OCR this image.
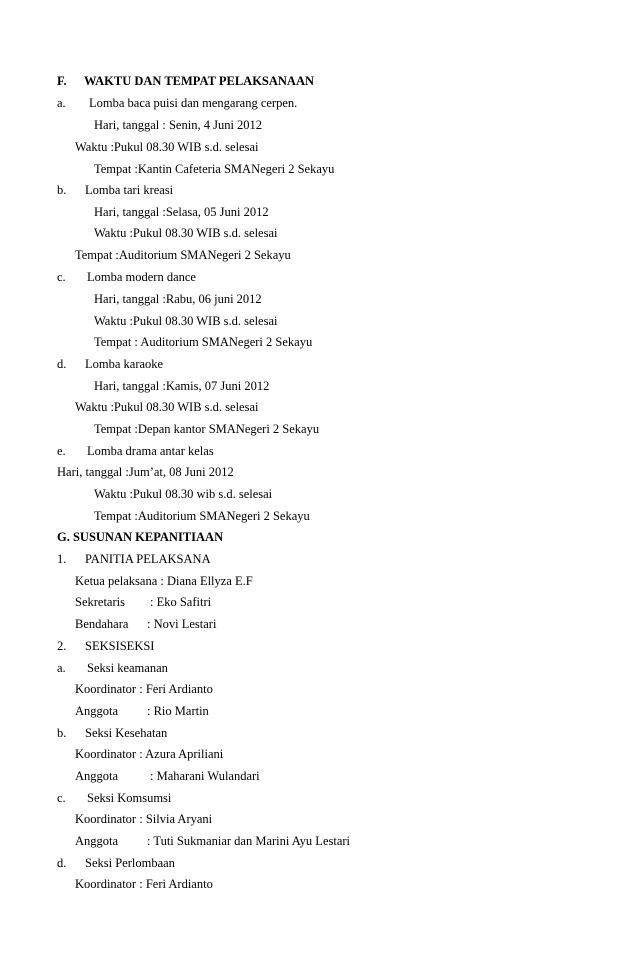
F. WAKTU DAN TEMPAT PELAKSANAAN
a. Lomba baca puisi dan mengarang cerpen.
Hari, tanggal : Senin, 4 Juni 2012
Waktu :Pukul 08.30 WIB s.d. selesai
Tempat :Kantin Cafeteria SMANegeri 2 Sekayu
b. Lomba tari kreasi
Hari, tanggal :Selasa, 05 Juni 2012
Waktu :Pukul 08.30 WIB s.d. selesai
Tempat :Auditorium SMANegeri 2 Sekayu
c. Lomba modern dance
Hari, tanggal :Rabu, 06 juni 2012
Waktu :Pukul 08.30 WIB s.d. selesai
Tempat : Auditorium SMANegeri 2 Sekayu
d. Lomba karaoke
Hari, tanggal :Kamis, 07 Juni 2012
Waktu :Pukul 08.30 WIB s.d. selesai
Tempat :Depan kantor SMANegeri 2 Sekayu
e. Lomba drama antar kelas
Hari, tanggal :Jum’at, 08 Juni 2012
Waktu :Pukul 08.30 wib s.d. selesai
Tempat :Auditorium SMANegeri 2 Sekayu
G. SUSUNAN KEPANITIAAN
1. PANITIA PELAKSANA
Ketua pelaksana : Diana Ellyza E.F
Sekretaris : Eko Safitri
Bendahara : Novi Lestari
2. SEKSISEKSI
a. Seksi keamanan
Koordinator : Feri Ardianto
Anggota : Rio Martin
b. Seksi Kesehatan
Koordinator : Azura Apriliani
Anggota	: Maharani Wulandari
c. Seksi Komsumsi
Koordinator : Silvia Aryani
Anggota : Tuti Sukmaniar dan Marini Ayu Lestari
d. Seksi Perlombaan
Koordinator : Feri Ardianto
